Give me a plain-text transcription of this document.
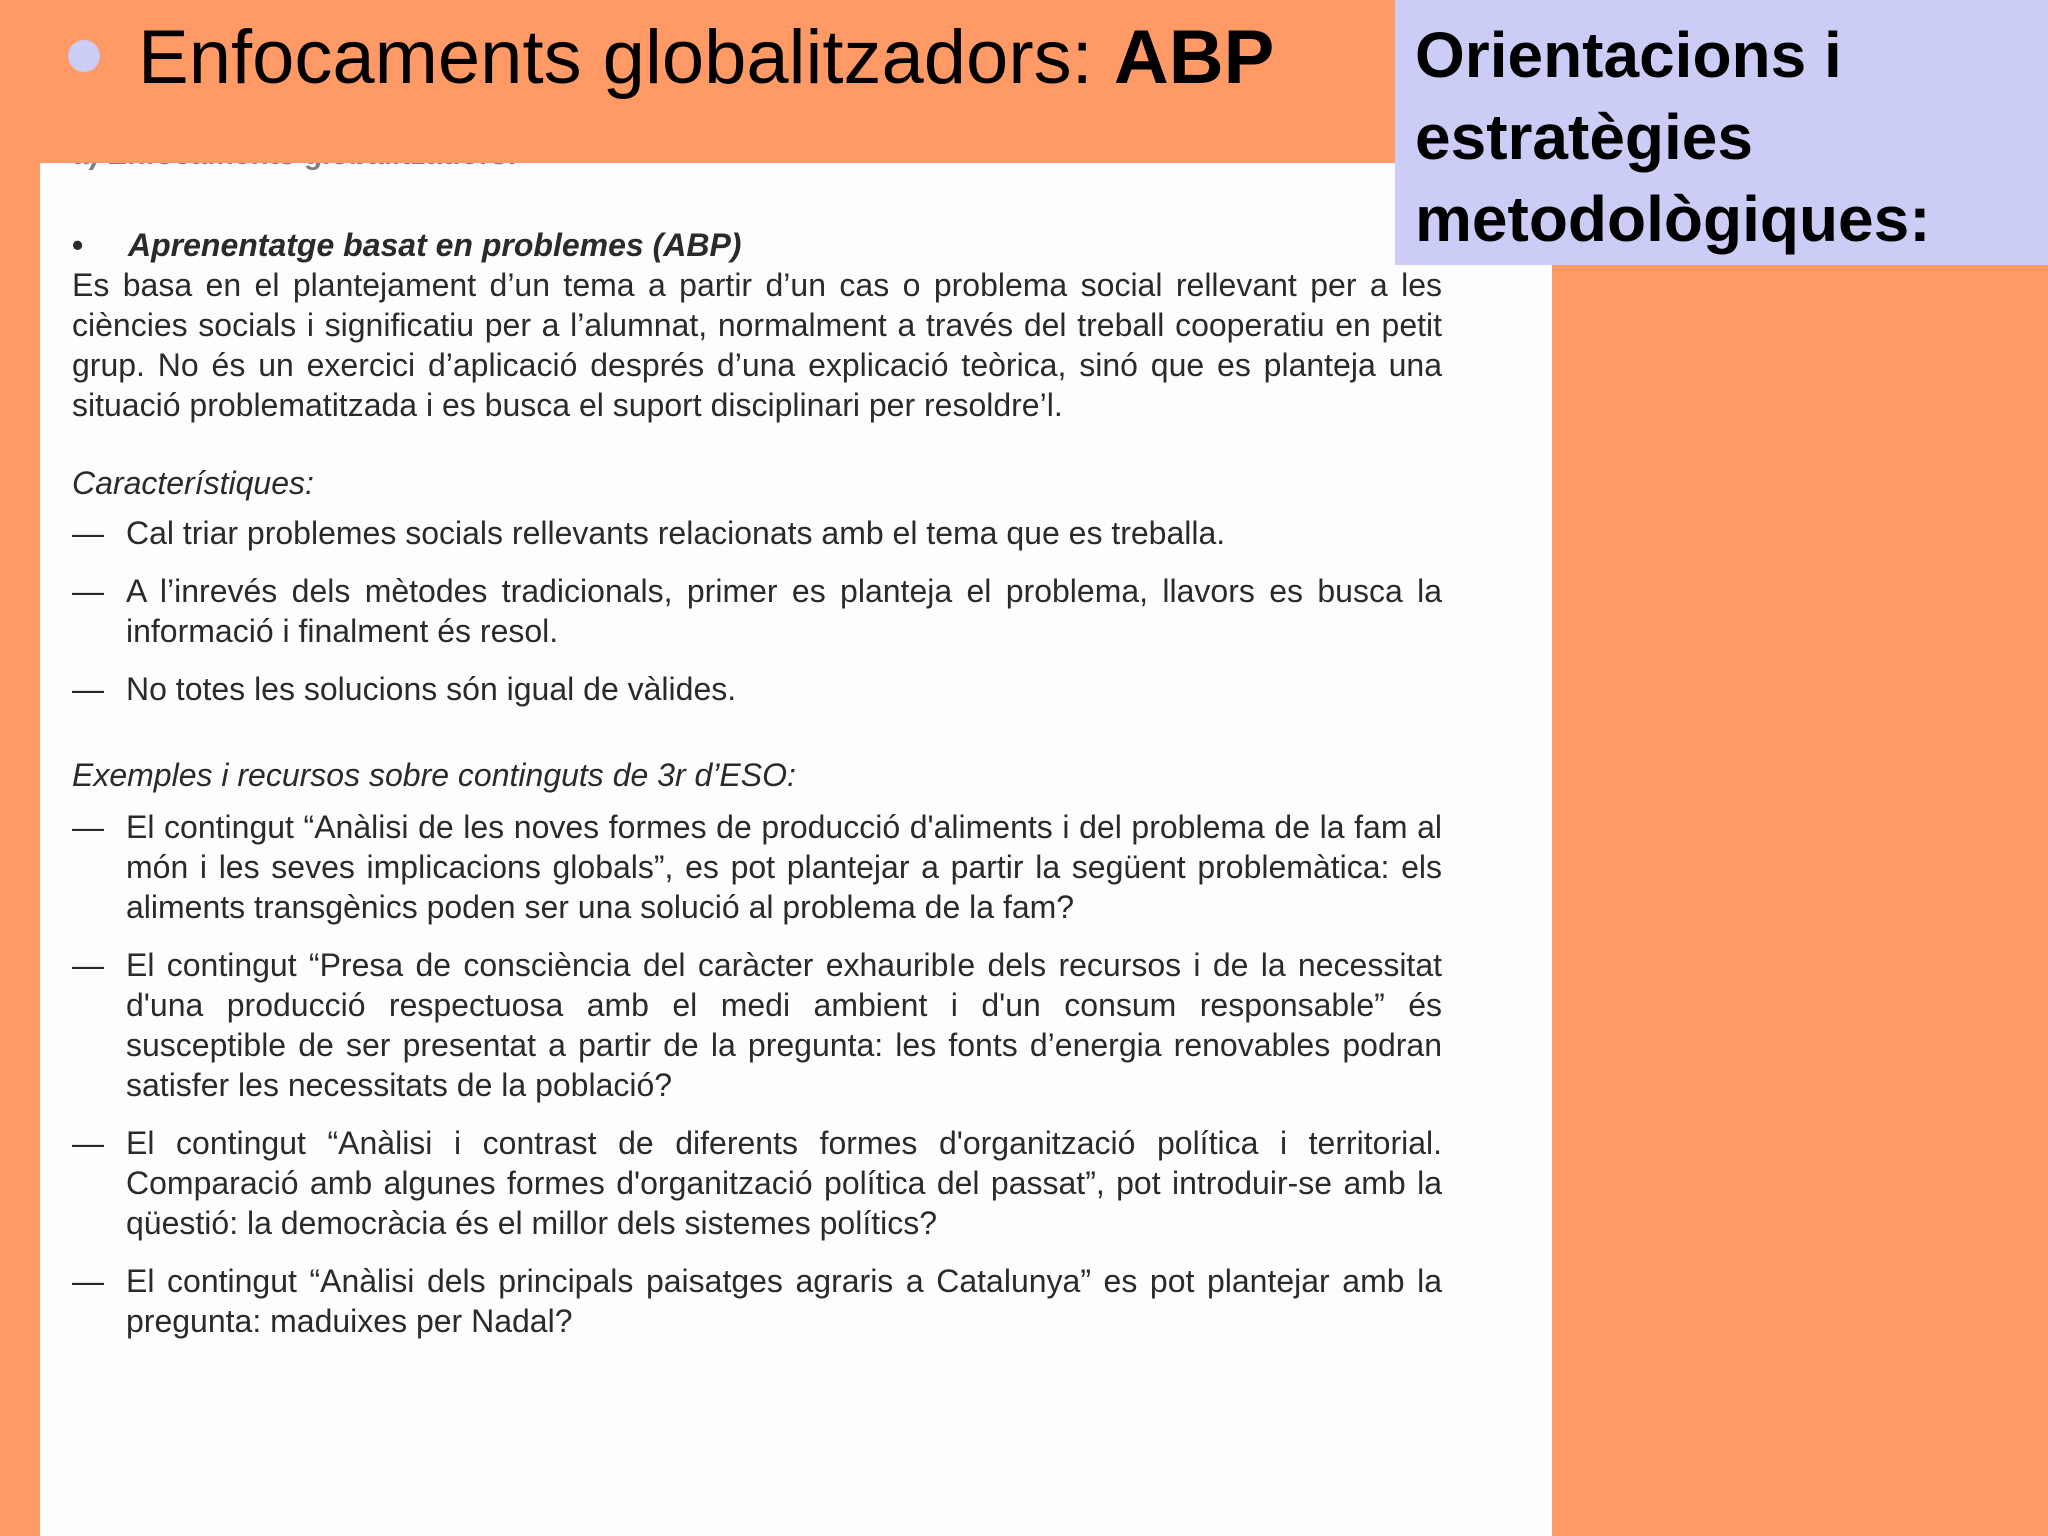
Enfocaments globalitzadors: ABP Orientacions i estratègies metodològiques:
• Aprenentatge basat en problemes (ABP)

Es basa en el plantejament d’un tema a partir d’un cas o problema social rellevant per a les ciències socials i significatiu per a l’alumnat, normalment a través del treball cooperatiu en petit grup. No és un exercici d’aplicació després d’una explicació teòrica, sinó que es planteja una situació problematitzada i es busca el suport disciplinari per resoldre’l.

Característiques:
— Cal triar problemes socials rellevants relacionats amb el tema que es treballa.
— A l’inrevés dels mètodes tradicionals, primer es planteja el problema, llavors es busca la informació i finalment és resol.
— No totes les solucions són igual de vàlides.
Exemples i recursos sobre continguts de 3r d’ESO:
— El contingut “Anàlisi de les noves formes de producció d'aliments i del problema de la fam al món i les seves implicacions globals”, es pot plantejar a partir la següent problemàtica: els aliments transgènics poden ser una solució al problema de la fam?
— El contingut “Presa de consciència del caràcter exhauribIe dels recursos i de la necessitat d'una producció respectuosa amb el medi ambient i d'un consum responsable” és susceptible de ser presentat a partir de la pregunta: les fonts d’energia renovables podran satisfer les necessitats de la població?
— El contingut “Anàlisi i contrast de diferents formes d'organització política i territorial. Comparació amb algunes formes d'organització política del passat”, pot introduir-se amb la qüestió: la democràcia és el millor dels sistemes polítics?
— El contingut “Anàlisi dels principals paisatges agraris a Catalunya” es pot plantejar amb la pregunta: maduixes per Nadal?
